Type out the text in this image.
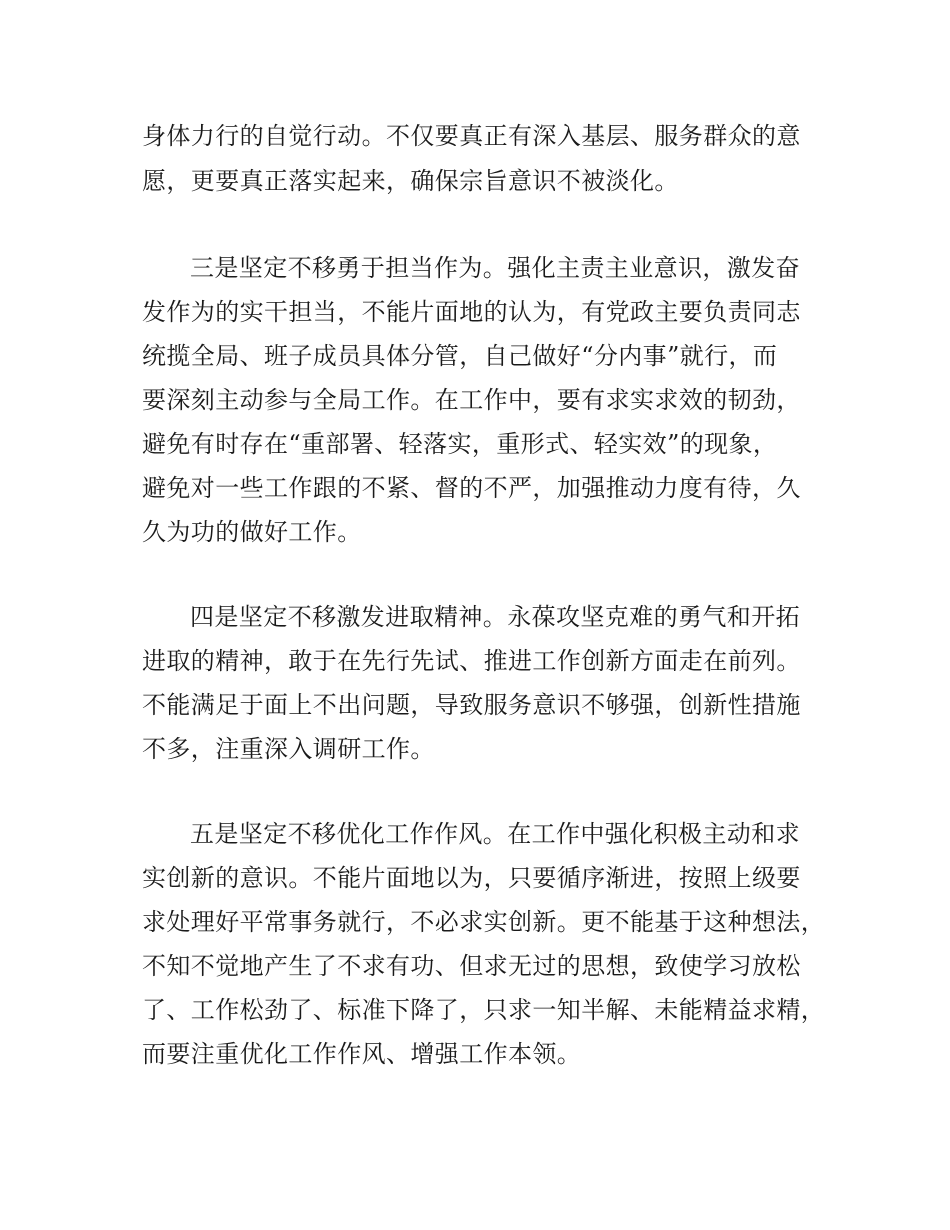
身体力行的自觉行动。不仅要真正有深入基层、服务群众的意

愿，更要真正落实起来，确保宗旨意识不被淡化。

三是坚定不移勇于担当作为。强化主责主业意识，激发奋

发作为的实干担当，不能片面地的认为，有党政主要负责同志

统揽全局、班子成员具体分管，自己做好“分内事”就行，而

要深刻主动参与全局工作。在工作中，要有求实求效的韧劲，

避免有时存在“重部署、轻落实，重形式、轻实效”的现象，

避免对一些工作跟的不紧、督的不严，加强推动力度有待，久

久为功的做好工作。

四是坚定不移激发进取精神。永葆攻坚克难的勇气和开拓

进取的精神，敢于在先行先试、推进工作创新方面走在前列。

不能满足于面上不出问题，导致服务意识不够强，创新性措施

不多，注重深入调研工作。

五是坚定不移优化工作作风。在工作中强化积极主动和求

实创新的意识。不能片面地以为，只要循序渐进，按照上级要

求处理好平常事务就行，不必求实创新。更不能基于这种想法，

不知不觉地产生了不求有功、但求无过的思想，致使学习放松

了、工作松劲了、标准下降了，只求一知半解、未能精益求精，

而要注重优化工作作风、增强工作本领。
